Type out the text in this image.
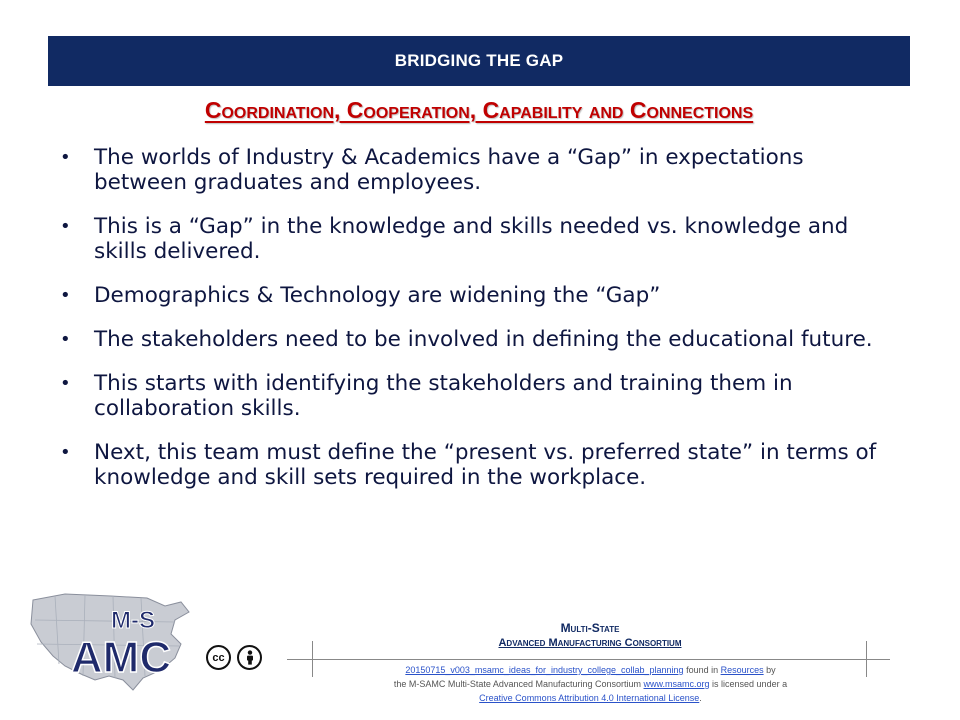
BRIDGING THE GAP
Coordination, Cooperation, Capability and Connections
• The worlds of Industry & Academics have a “Gap” in expectations between graduates and employees.
• This is a “Gap” in the knowledge and skills needed vs. knowledge and skills delivered.
• Demographics & Technology are widening the “Gap”
• The stakeholders need to be involved in defining the educational future.
• This starts with identifying the stakeholders and training them in collaboration skills.
• Next, this team must define the “present vs. preferred state” in terms of knowledge and skill sets required in the workplace.
M-S
AMC	cc
Multi-State
Advanced Manufacturing Consortium
20150715_v003_msamc_ideas_for_industry_college_collab_planning found in Resources by
the M-SAMC Multi-State Advanced Manufacturing Consortium www.msamc.org is licensed under a
Creative Commons Attribution 4.0 International License.
